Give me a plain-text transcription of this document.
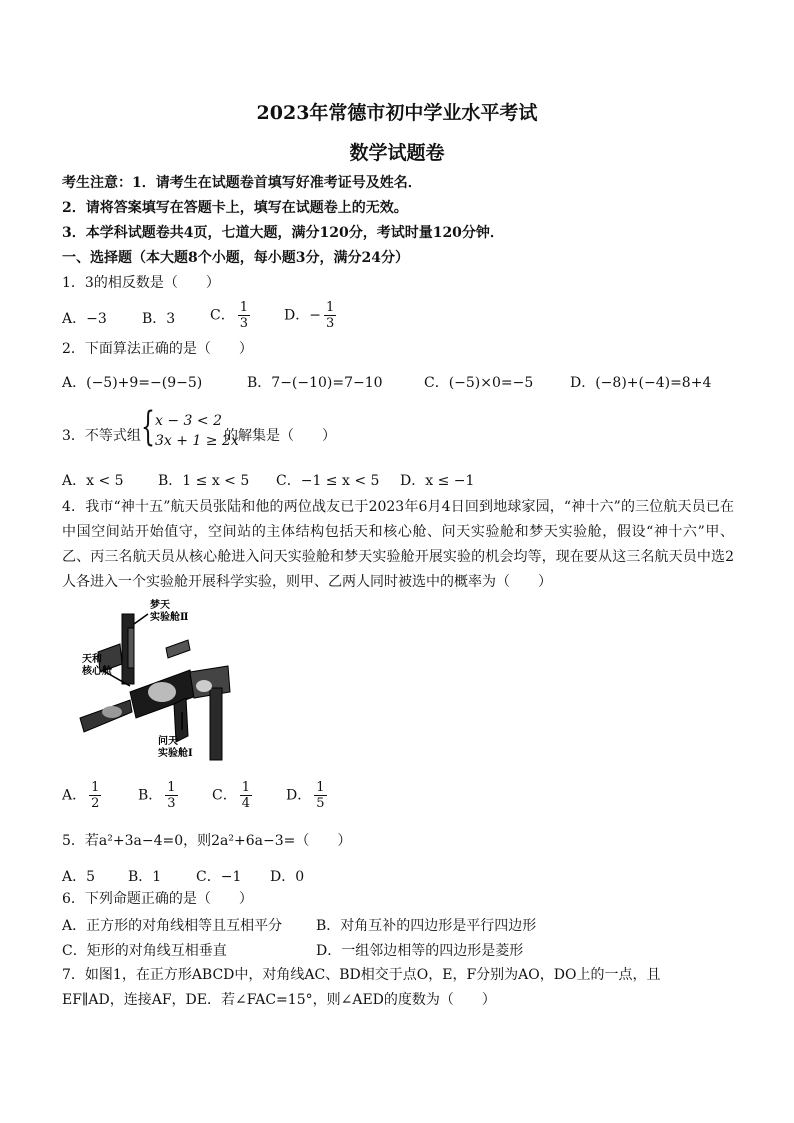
2023年常德市初中学业水平考试
数学试题卷
考生注意：1．请考生在试题卷首填写好准考证号及姓名．
2．请将答案填写在答题卡上，填写在试题卷上的无效。
3．本学科试题卷共4页，七道大题，满分120分，考试时量120分钟．
一、选择题（本大题8个小题，每小题3分，满分24分）
1．3的相反数是（　　）
A．−3	B．3 C． $\frac{1}{3}$ D．− $\frac{1}{3}$
2．下面算法正确的是（　　）
A．(−5)+9=−(9−5)	B．7−(−10)=7−10	C．(−5)×0=−5	D．(−8)+(−4)=8+4
3．不等式组 { x − 3 < 2
3x + 1 ≥ 2x
的解集是（　　）
A．x < 5 B．1 ≤ x < 5 C．−1 ≤ x < 5 D．x ≤ −1
4．我市“神十五”航天员张陆和他的两位战友已于2023年6月4日回到地球家园，“神十六”的三位航天员已在中国空间站开始值守，空间站的主体结构包括天和核心舱、问天实验舱和梦天实验舱，假设“神十六”甲、乙、丙三名航天员从核心舱进入问天实验舱和梦天实验舱开展实验的机会均等，现在要从这三名航天员中选2人各进入一个实验舱开展科学实验，则甲、乙两人同时被选中的概率为（　　）
梦天
实验舱Ⅱ
天和
核心舱
问天
实验舱Ⅰ
A． $\frac{1}{2}$	B． $\frac{1}{3}$ C． $\frac{1}{4}$ D． $\frac{1}{5}$
5．若a²+3a−4=0，则2a²+6a−3=（　　）
A．5 B．1 C．−1 D．0
6．下列命题正确的是（　　）
A．正方形的对角线相等且互相平分 B．对角互补的四边形是平行四边形
C．矩形的对角线互相垂直	D．一组邻边相等的四边形是菱形
7．如图1，在正方形ABCD中，对角线AC、BD相交于点O，E，F分别为AO，DO上的一点，且
EF∥AD，连接AF，DE．若∠FAC=15°，则∠AED的度数为（　　）
